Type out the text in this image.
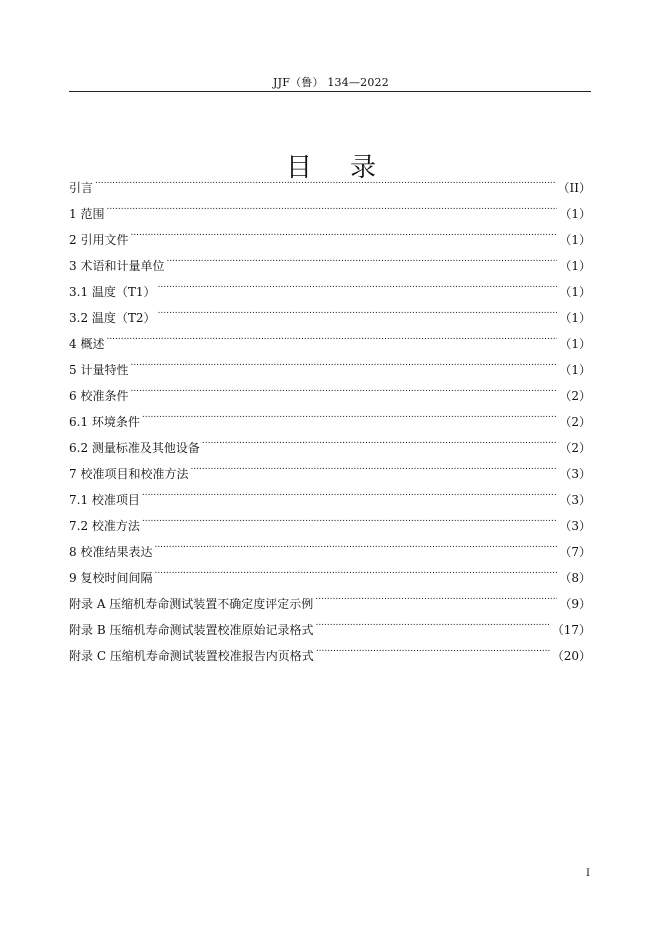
JJF（鲁） 134—2022
目录
引言 .....	（II）
1 范围 .....	（1）
2 引用文件 .....	（1）
3 术语和计量单位 .....	（1）
3.1 温度（T1） .....	（1）
3.2 温度（T2） .....	（1）
4 概述 .....	（1）
5 计量特性 .....	（1）
6 校准条件 .....	（2）
6.1 环境条件 .....	（2）
6.2 测量标准及其他设备 .....	（2）
7 校准项目和校准方法 .....	（3）
7.1 校准项目 .....	（3）
7.2 校准方法 .....	（3）
8 校准结果表达 .....	（7）
9 复校时间间隔 .....	（8）
附录 A 压缩机寿命测试装置不确定度评定示例 .....	（9）
附录 B 压缩机寿命测试装置校准原始记录格式 .....	（17）
附录 C 压缩机寿命测试装置校准报告内页格式 .....	（20）
I
